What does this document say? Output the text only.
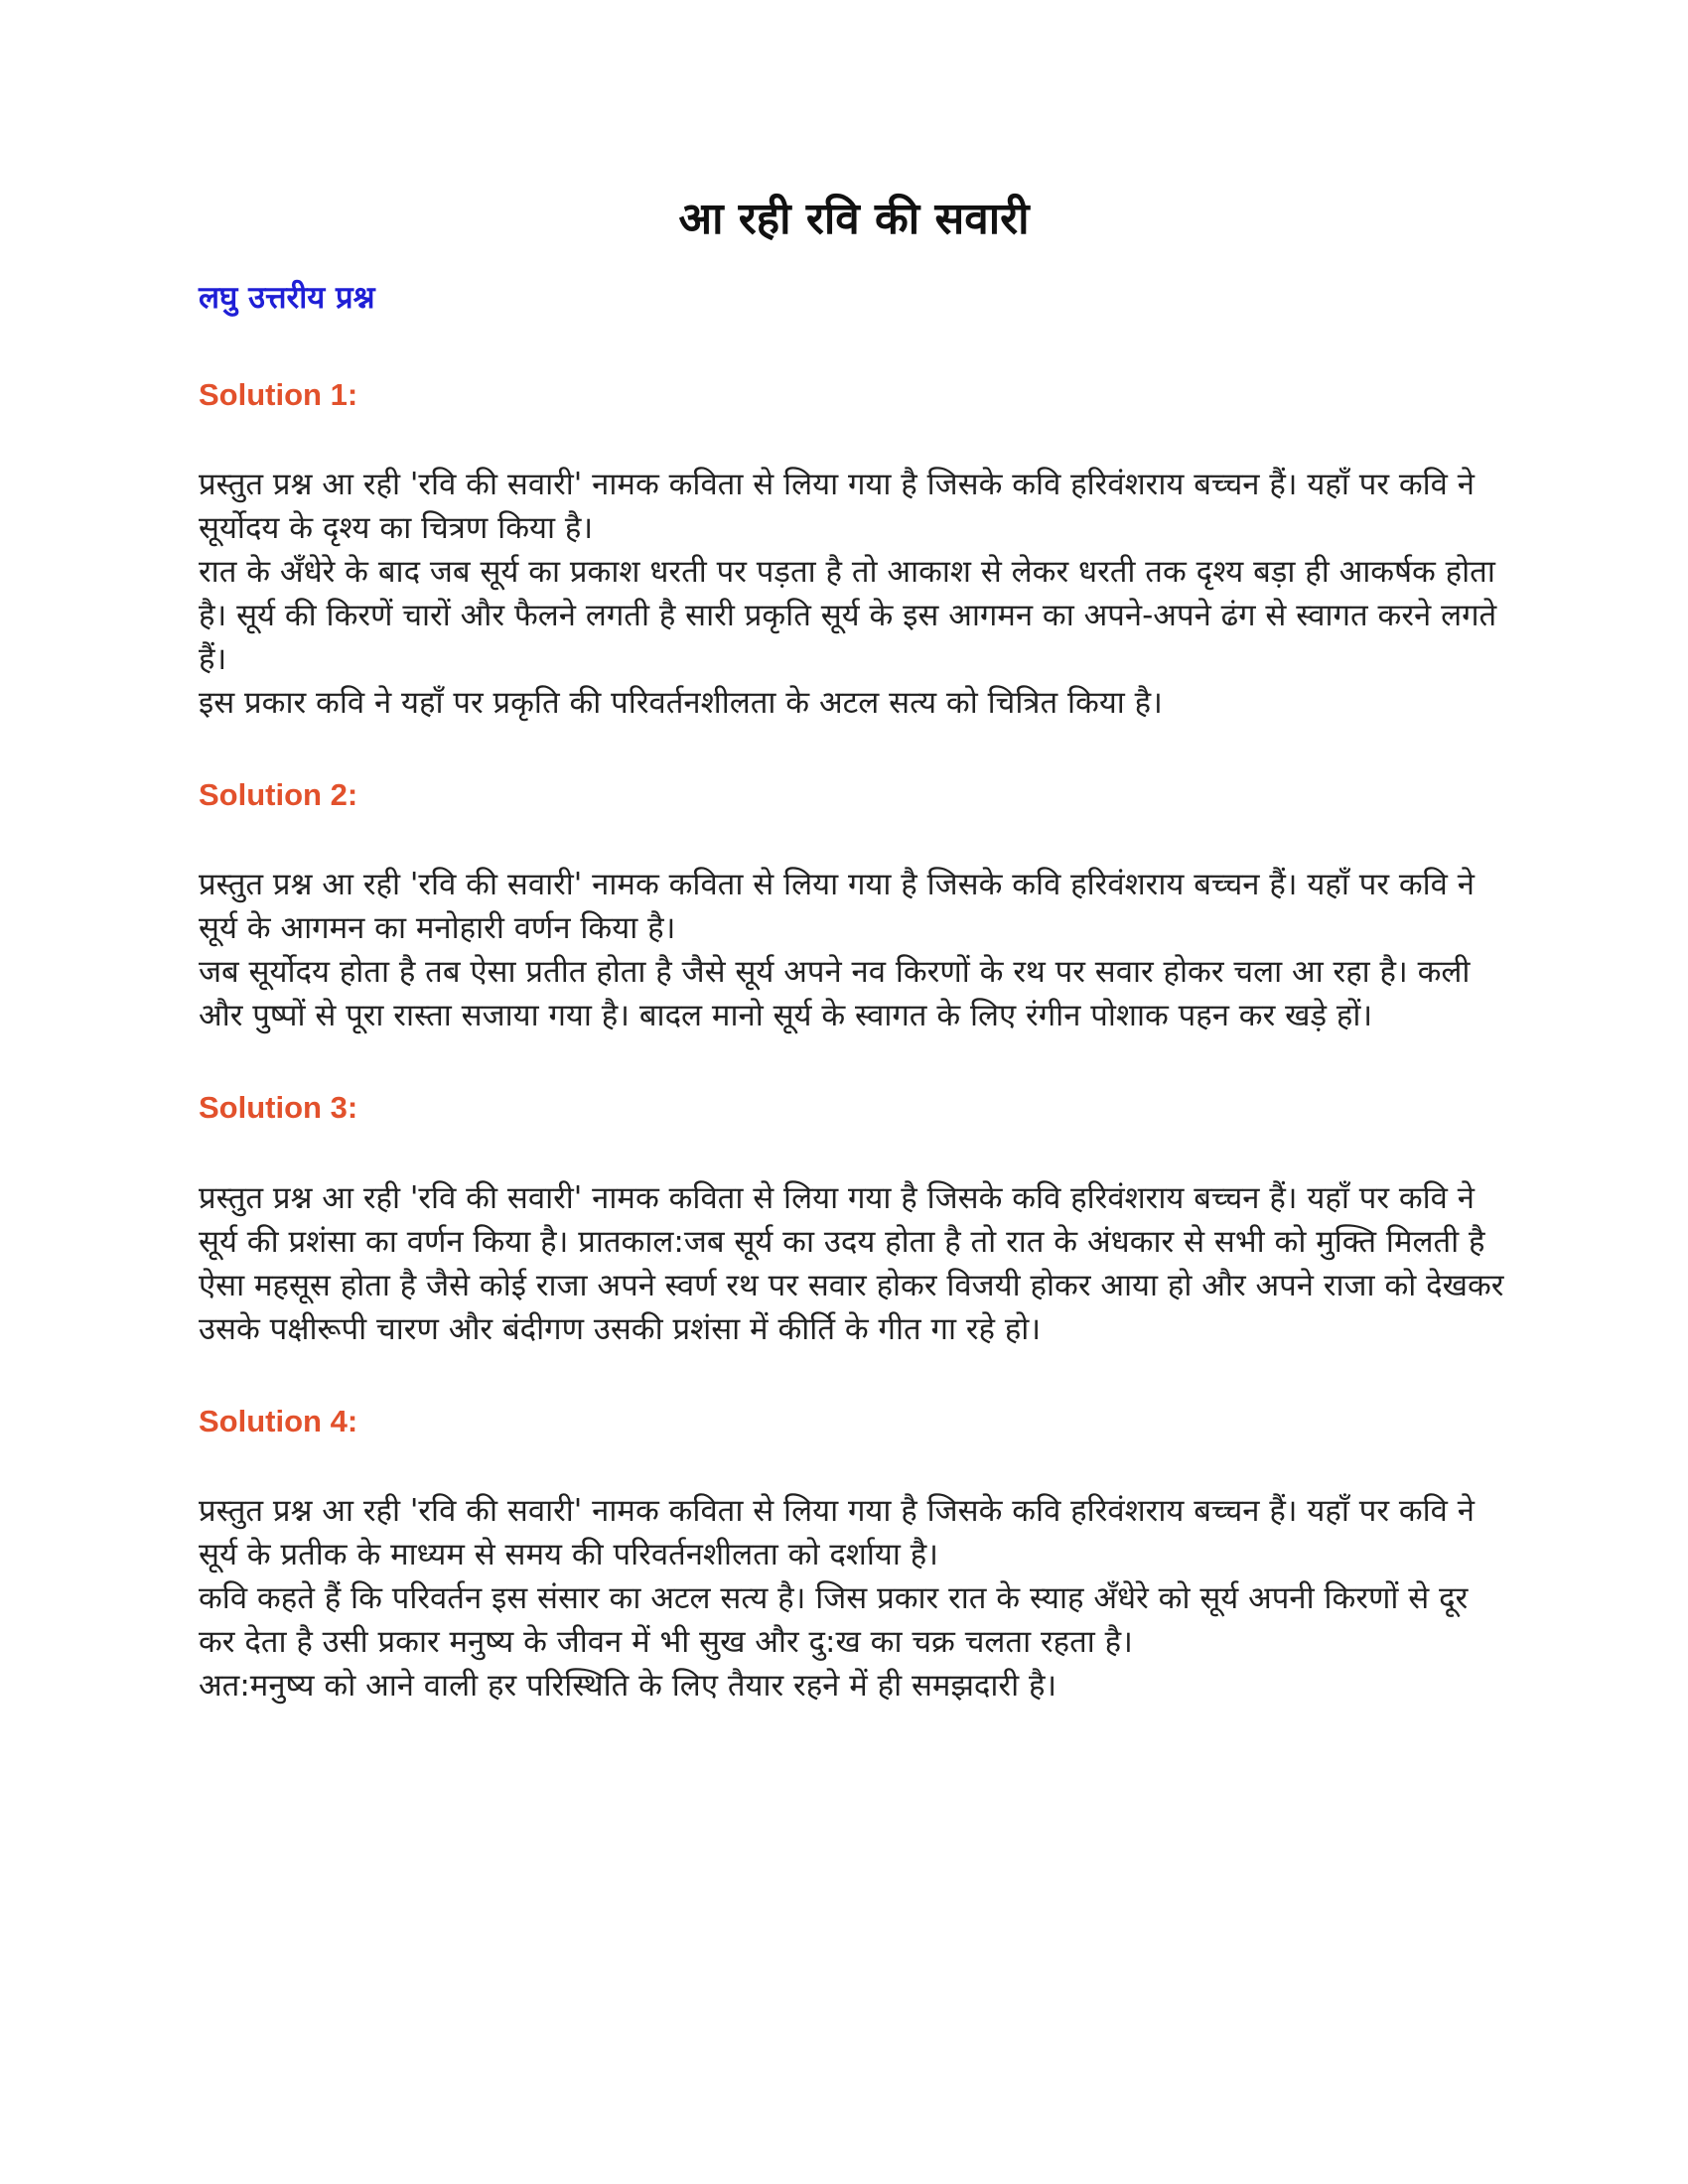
आ रही रवि की सवारी
लघु उत्तरीय प्रश्न
Solution 1:

प्रस्तुत प्रश्न आ रही 'रवि की सवारी' नामक कविता से लिया गया है जिसके कवि हरिवंशराय बच्चन हैं। यहाँ पर कवि ने सूर्योदय के दृश्य का चित्रण किया है।

रात के अँधेरे के बाद जब सूर्य का प्रकाश धरती पर पड़ता है तो आकाश से लेकर धरती तक दृश्य बड़ा ही आकर्षक होता है। सूर्य की किरणें चारों और फैलने लगती है सारी प्रकृति सूर्य के इस आगमन का अपने-अपने ढंग से स्वागत करने लगते हैं।

इस प्रकार कवि ने यहाँ पर प्रकृति की परिवर्तनशीलता के अटल सत्य को चित्रित किया है।

Solution 2:

प्रस्तुत प्रश्न आ रही 'रवि की सवारी' नामक कविता से लिया गया है जिसके कवि हरिवंशराय बच्चन हैं। यहाँ पर कवि ने सूर्य के आगमन का मनोहारी वर्णन किया है।

जब सूर्योदय होता है तब ऐसा प्रतीत होता है जैसे सूर्य अपने नव किरणों के रथ पर सवार होकर चला आ रहा है। कली और पुष्पों से पूरा रास्ता सजाया गया है। बादल मानो सूर्य के स्वागत के लिए रंगीन पोशाक पहन कर खड़े हों।

Solution 3:

प्रस्तुत प्रश्न आ रही 'रवि की सवारी' नामक कविता से लिया गया है जिसके कवि हरिवंशराय बच्चन हैं। यहाँ पर कवि ने सूर्य की प्रशंसा का वर्णन किया है। प्रातकाल:जब सूर्य का उदय होता है तो रात के अंधकार से सभी को मुक्ति मिलती है ऐसा महसूस होता है जैसे कोई राजा अपने स्वर्ण रथ पर सवार होकर विजयी होकर आया हो और अपने राजा को देखकर उसके पक्षीरूपी चारण और बंदीगण उसकी प्रशंसा में कीर्ति के गीत गा रहे हो।

Solution 4:

प्रस्तुत प्रश्न आ रही 'रवि की सवारी' नामक कविता से लिया गया है जिसके कवि हरिवंशराय बच्चन हैं। यहाँ पर कवि ने सूर्य के प्रतीक के माध्यम से समय की परिवर्तनशीलता को दर्शाया है।

कवि कहते हैं कि परिवर्तन इस संसार का अटल सत्य है। जिस प्रकार रात के स्याह अँधेरे को सूर्य अपनी किरणों से दूर कर देता है उसी प्रकार मनुष्य के जीवन में भी सुख और दु:ख का चक्र चलता रहता है।

अत:मनुष्य को आने वाली हर परिस्थिति के लिए तैयार रहने में ही समझदारी है।
